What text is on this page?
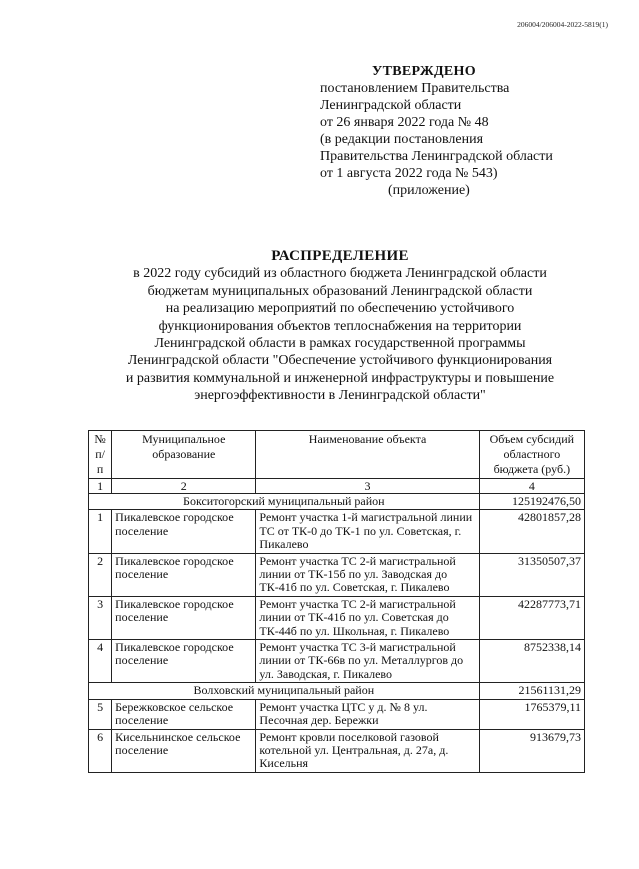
206004/206004-2022-5819(1)
УТВЕРЖДЕНО
постановлением Правительства
Ленинградской области
от 26 января 2022 года № 48
(в редакции постановления
Правительства Ленинградской области
от 1 августа 2022 года № 543)
(приложение)
РАСПРЕДЕЛЕНИЕ
в 2022 году субсидий из областного бюджета Ленинградской области
бюджетам муниципальных образований Ленинградской области
на реализацию мероприятий по обеспечению устойчивого
функционирования объектов теплоснабжения на территории
Ленинградской области в рамках государственной программы
Ленинградской области "Обеспечение устойчивого функционирования
и развития коммунальной и инженерной инфраструктуры и повышение
энергоэффективности в Ленинградской области"
№ п/п	Муниципальное образование	Наименование объекта	Объем субсидий областного бюджета (руб.)
1	2	3	4
Бокситогорский муниципальный район			125192476,50
1	Пикалевское городское поселение	Ремонт участка 1-й магистральной линии ТС от ТК-0 до ТК-1 по ул. Советская, г. Пикалево	42801857,28
2	Пикалевское городское поселение	Ремонт участка ТС 2-й магистральной линии от ТК-15б по ул. Заводская до ТК-41б по ул. Советская, г. Пикалево	31350507,37
3	Пикалевское городское поселение	Ремонт участка ТС 2-й магистральной линии от ТК-41б по ул. Советская до ТК-44б по ул. Школьная, г. Пикалево	42287773,71
4	Пикалевское городское поселение	Ремонт участка ТС 3-й магистральной линии от ТК-66в по ул. Металлургов до ул. Заводская, г. Пикалево	8752338,14
Волховский муниципальный район			21561131,29
5	Бережковское сельское поселение	Ремонт участка ЦТС у д. № 8 ул. Песочная дер. Бережки	1765379,11
6	Кисельнинское сельское поселение	Ремонт кровли поселковой газовой котельной ул. Центральная, д. 27а, д. Кисельня	913679,73
